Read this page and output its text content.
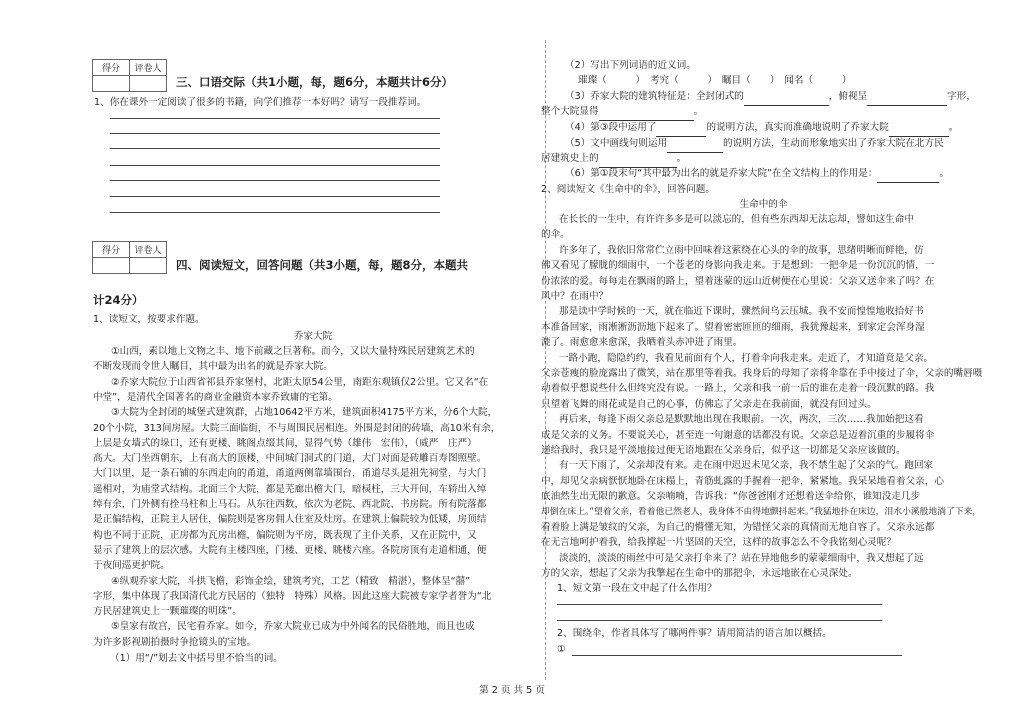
得分	评卷人

三、口语交际（共1小题，每，题6分，本题共计6分）
1、你在课外一定阅读了很多的书籍，向学们推荐一本好吗？请写一段推荐词。
得分	评卷人

四、阅读短文，回答问题（共3小题，每，题8分，本题共
计24分）
1、读短文，按要求作题。
乔家大院
①山西，素以地上文物之丰、地下前藏之巨著称。而今，又以大量特殊民居建筑艺术的
不断发现而令世人瞩目，其中最为出名的就是乔家大院。
②乔家大院位于山西省祁县乔家堡村，北距太原54公里，南距东观镇仅2公里。它又名“在
中堂”，是清代全国著名的商业金融资本家乔致庸的宅第。
③大院为全封闭的城堡式建筑群，占地10642平方米，建筑面积4175平方米，分6个大院，
20个小院，313间房屋。大院三面临街，不与周围民居相连。外围是封闭的砖墙，高10米有余，
上层是女墙式的垛口，还有更楼、眺阁点缀其间，显得气势（雄伟　宏伟），（威严　庄严）
高大。大门坐西朝东，上有高大的顶楼，中间城门洞式的门道，大门对面是砖雕百寿图照壁。
大门以里，是一条石铺的东西走向的甬道，甬道两侧靠墙围台，甬道尽头是祖先祠堂，与大门
遥相对，为庙堂式结构。北面三个大院，都是芜廊出檐大门，暗棂柱，三大开间，车轿出入绰
绰有余，门外侧有拴马柱和上马石。从东往西数，依次为老院、西北院、书房院。所有院落都
是正偏结构，正院主人居住，偏院则是客房佣人住室及灶房。在建筑上偏院较为低矮，房顶结
构也不同于正院，正房都为瓦房出檐，偏院则为平房，既表现了主仆关系，又在正院中，又
显示了建筑上的层次感。大院有主楼四座，门楼、更楼、眺楼六座。各院房顶有走道相通，便
于夜间巡更护院。
④纵观乔家大院，斗拱飞檐，彩饰金绘，建筑考究，工艺（精致　精湛），整体呈“囍”
字形，集中体现了我国清代北方民居的（独特　特殊）风格。因此这座大院被专家学者誉为“北
方民居建筑史上一颗璀璨的明珠”。
⑤皇家有故宫，民宅看乔家。如今，乔家大院业已成为中外闻名的民俗胜地，而且也成
为许多影视剧拍摄时争抢镜头的宝地。
（1）用“/”划去文中括号里不恰当的词。
（2）写出下列词语的近义词。
璀璨（　　　）　考究（　　　）　瞩目（　　）　闻名（　　　）
（3）乔家大院的建筑特征是：全封闭式的	，俯视呈	字形，
整个大院显得	。
（4）第③段中运用了	的说明方法，真实而准确地说明了乔家大院	。
（5）文中画线句则运用	的说明方法，生动而形象地实出了乔家大院在北方民
居建筑史上的	。
（6）第①段末句“其中最为出名的就是乔家大院”在全文结构上的作用是：	。
2、阅读短文《生命中的伞》，回答问题。
生命中的伞
在长长的一生中，有许许多多是可以淡忘的，但有些东西却无法忘却，譬如这生命中
的伞。
许多年了，我依旧常常伫立雨中回味着这萦绕在心头的伞的故事，思绪明晰而鲜艳，仿
佛又看见了朦胧的细雨中，一个苍老的身影向我走来。于是想到：一把伞是一份沉沉的情，一
份浓浓的爱。每每走在飘雨的路上，望着迷蒙的远山近树便在心里说：父亲又送伞来了吗？在
风中？在雨中？
那是读中学时候的一天，就在临近下课时，骤然间乌云压城。我不安而惶惶地收拾好书
本准备回家，雨淅淅沥沥地下起来了。望着密密匝匝的细雨，我犹豫起来，到家定会浑身湿
漉了。雨愈愈来愈深，我晒着头赤冲进了雨里。
一路小跑，隐隐约约，我看见前面有个人，打着伞向我走来。走近了，才知道竟是父亲。
父亲苍瘦的脸庞露出了微笑，站在那里等着我。我身后的母知了亲将伞靠在手中接过了伞，父亲的嘴唇嗫
动着似乎想说些什么但终究没有说。一路上，父亲和我一前一后的谁在走着一段沉默的路。我
只望着飞舞的雨花或是自己的心事，仿佛忘了父亲走在我前面，就没有回过头。
再后来，每逢下雨父亲总是默默地出现在我眼前。一次，两次，三次……我加始把这看
成是父亲的义务。不要说关心，甚至连一句谢意的话都没有说。父亲总是迈着沉重的步履将伞
递给我时，我只是平淡地接过便无语地跟在父亲身后，似乎这一切都是父亲应该做的。
有一天下雨了，父亲却没有来。走在雨中迟迟未见父亲，我不禁生起了父亲的气。跑回家
中，却见父亲病恹恹地卧在床榻上，青筋虬露的手握着一把伞，紧紧地。我呆呆地看着父亲，心
底油然生出无限的歉意。父亲喃喃，告诉我：“你爸爸刚才还想着送伞给你，谁知没走几步
却倒在床上。”望着父亲，看着他已然老人，我身体不由得地颤抖起来。”我猛地扑在床边，泪水小溪般地淌了下来，
看着脸上满是皱纹的父亲，为自己的懵懂无知，为错怪父亲的真情而无地自容了。父亲永远都
在无言地呵护着我，给我撑起一片坚固的天空，这样的故事怎么不令我铭刻心灵呢？
淡淡的，淡淡的雨丝中可是父亲打伞来了？站在异地他乡的蒙蒙细雨中，我又想起了远
方的父亲，想起了父亲为我擎起在生命中的那把伞，永远地嵌在心灵深处。
1、短文第一段在文中起了什么作用？
2、围绕伞，作者具体写了哪两件事？请用简洁的语言加以概括。
①
第 2 页 共 5 页
